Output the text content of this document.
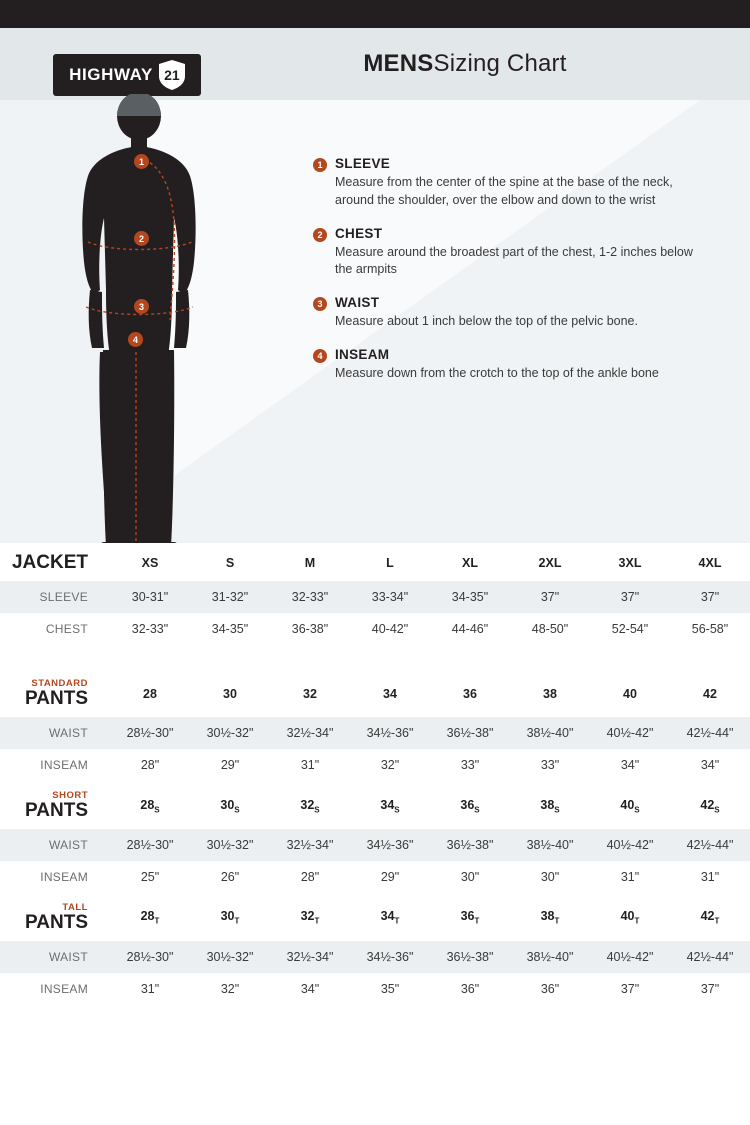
MENS Sizing Chart
HIGHWAY 21
1
2
3
4
1 SLEEVE

Measure from the center of the spine at the base of the neck, around the shoulder, over the elbow and down to the wrist

2 CHEST

Measure around the broadest part of the chest, 1-2 inches below the armpits

3 WAIST

Measure about 1 inch below the top of the pelvic bone.

4 INSEAM

Measure down from the crotch to the top of the ankle bone

JACKET	XS	S	M	L	XL	2XL	3XL	4XL
SLEEVE	30-31"	31-32"	32-33"	33-34"	34-35"	37"	37"	37"
CHEST	32-33"	34-35"	36-38"	40-42"	44-46"	48-50"	52-54"	56-58"
STANDARD
PANTS	28	30	32	34	36	38	40	42
WAIST	28½-30"	30½-32"	32½-34"	34½-36"	36½-38"	38½-40"	40½-42"	42½-44"
INSEAM	28"	29"	31"	32"	33"	33"	34"	34"
SHORT
PANTS	$28_S$	$30_S$	$32_S$	$34_S$	$36_S$	$38_S$	$40_S$	$42_S$
WAIST	28½-30"	30½-32"	32½-34"	34½-36"	36½-38"	38½-40"	40½-42"	42½-44"
INSEAM	25"	26"	28"	29"	30"	30"	31"	31"
TALL
PANTS	$28_T$	$30_T$	$32_T$	$34_T$	$36_T$	$38_T$	$40_T$	$42_T$
WAIST	28½-30"	30½-32"	32½-34"	34½-36"	36½-38"	38½-40"	40½-42"	42½-44"
INSEAM	31"	32"	34"	35"	36"	36"	37"	37"
